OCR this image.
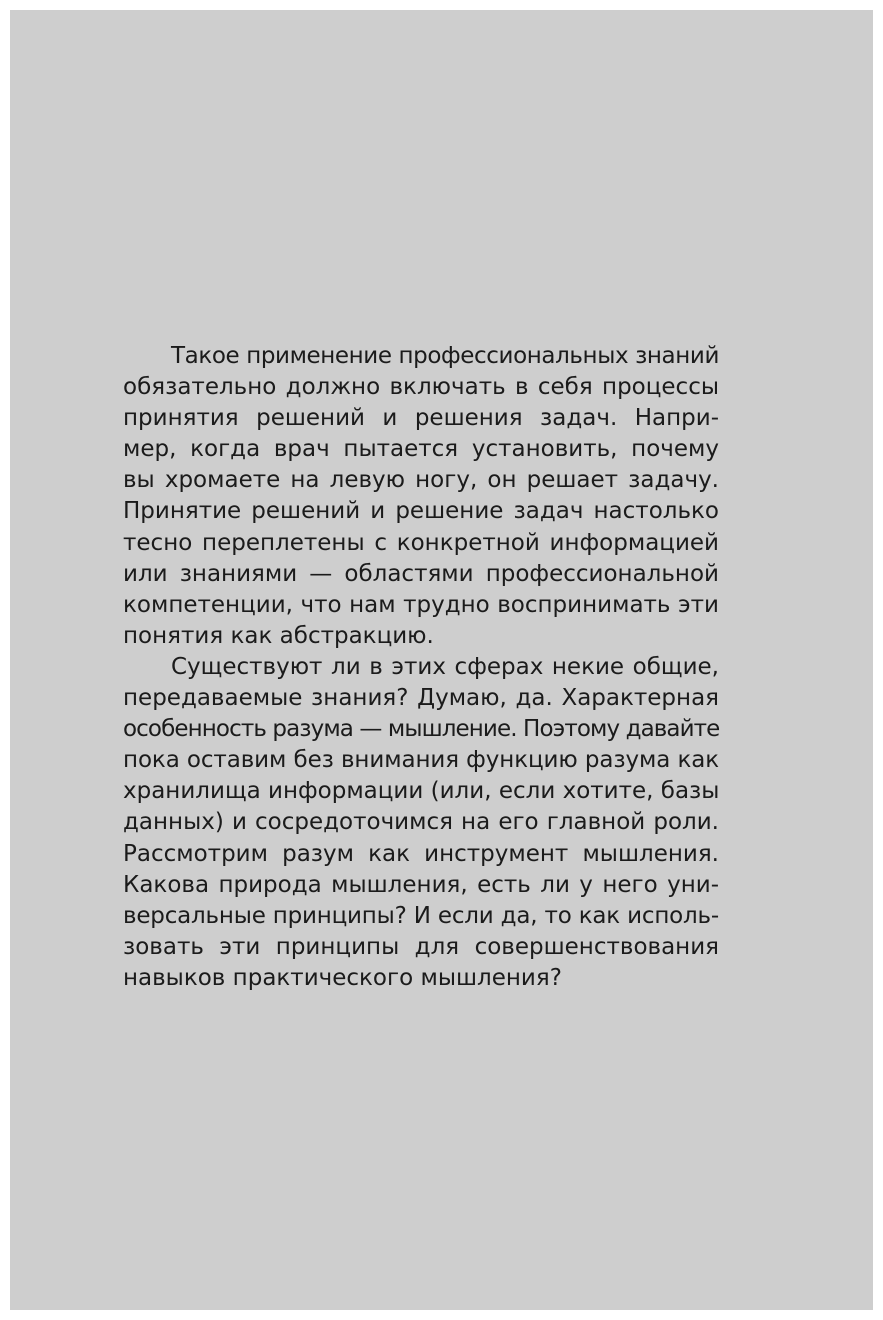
Такое применение профессиональных знаний
обязательно должно включать в себя процессы
принятия решений и решения задач. Напри-
мер, когда врач пытается установить, почему
вы хромаете на левую ногу, он решает задачу.
Принятие решений и решение задач настолько
тесно переплетены с конкретной информацией
или знаниями — областями профессиональной
компетенции, что нам трудно воспринимать эти
понятия как абстракцию.
Существуют ли в этих сферах некие общие,
передаваемые знания? Думаю, да. Характерная
особенность разума — мышление. Поэтому давайте
пока оставим без внимания функцию разума как
хранилища информации (или, если хотите, базы
данных) и сосредоточимся на его главной роли.
Рассмотрим разум как инструмент мышления.
Какова природа мышления, есть ли у него уни-
версальные принципы? И если да, то как исполь-
зовать эти принципы для совершенствования
навыков практического мышления?
